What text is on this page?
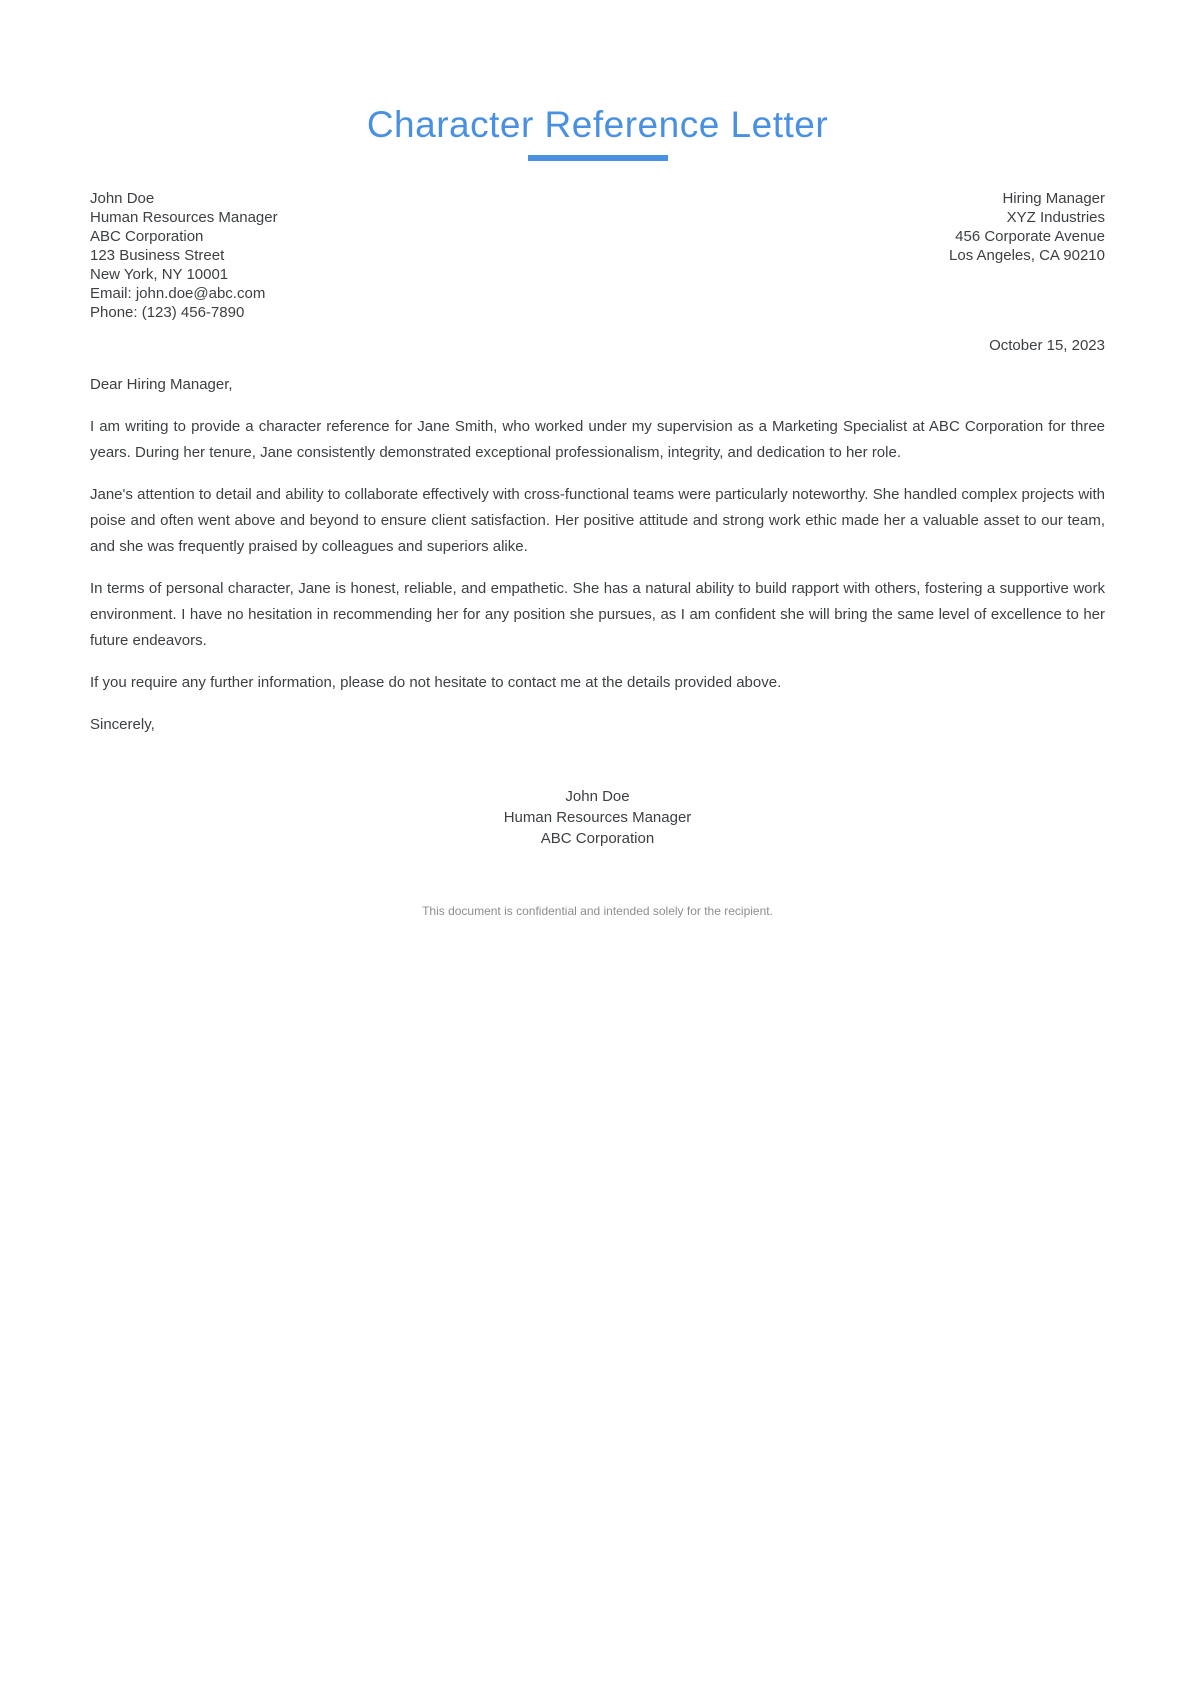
Character Reference Letter
John Doe
Human Resources Manager
ABC Corporation
123 Business Street
New York, NY 10001
Email: john.doe@abc.com
Phone: (123) 456-7890
Hiring Manager
XYZ Industries
456 Corporate Avenue
Los Angeles, CA 90210
October 15, 2023

Dear Hiring Manager,

I am writing to provide a character reference for Jane Smith, who worked under my supervision as a Marketing Specialist at ABC Corporation for three years. During her tenure, Jane consistently demonstrated exceptional professionalism, integrity, and dedication to her role.

Jane's attention to detail and ability to collaborate effectively with cross-functional teams were particularly noteworthy. She handled complex projects with poise and often went above and beyond to ensure client satisfaction. Her positive attitude and strong work ethic made her a valuable asset to our team, and she was frequently praised by colleagues and superiors alike.

In terms of personal character, Jane is honest, reliable, and empathetic. She has a natural ability to build rapport with others, fostering a supportive work environment. I have no hesitation in recommending her for any position she pursues, as I am confident she will bring the same level of excellence to her future endeavors.

If you require any further information, please do not hesitate to contact me at the details provided above.

Sincerely,

John Doe
Human Resources Manager
ABC Corporation
This document is confidential and intended solely for the recipient.
